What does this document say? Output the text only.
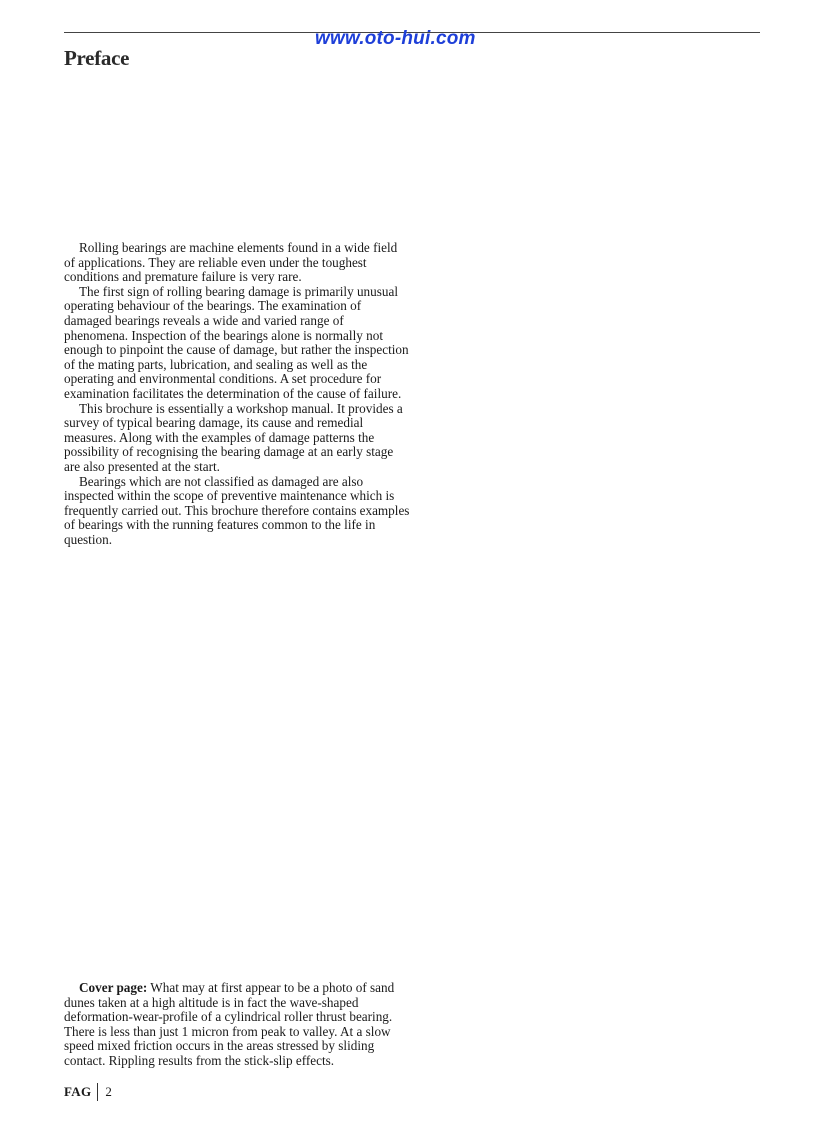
www.oto-hui.com
Preface

Rolling bearings are machine elements found in a wide field of applications. They are reliable even under the toughest conditions and premature failure is very rare.

The first sign of rolling bearing damage is primarily unusual operating behaviour of the bearings. The examination of damaged bearings reveals a wide and varied range of phenomena. Inspection of the bearings alone is normally not enough to pinpoint the cause of damage, but rather the inspection of the mating parts, lubrication, and sealing as well as the operating and environmental conditions. A set procedure for examination facilitates the determination of the cause of failure.

This brochure is essentially a workshop manual. It provides a survey of typical bearing damage, its cause and remedial measures. Along with the examples of damage patterns the possibility of recognising the bearing damage at an early stage are also presented at the start.

Bearings which are not classified as damaged are also inspected within the scope of preventive maintenance which is frequently carried out. This brochure therefore contains examples of bearings with the running features common to the life in question.

Cover page: What may at first appear to be a photo of sand dunes taken at a high altitude is in fact the wave-shaped deformation-wear-profile of a cylindrical roller thrust bearing. There is less than just 1 micron from peak to valley. At a slow speed mixed friction occurs in the areas stressed by sliding contact. Rippling results from the stick-slip effects.

FAG 2
